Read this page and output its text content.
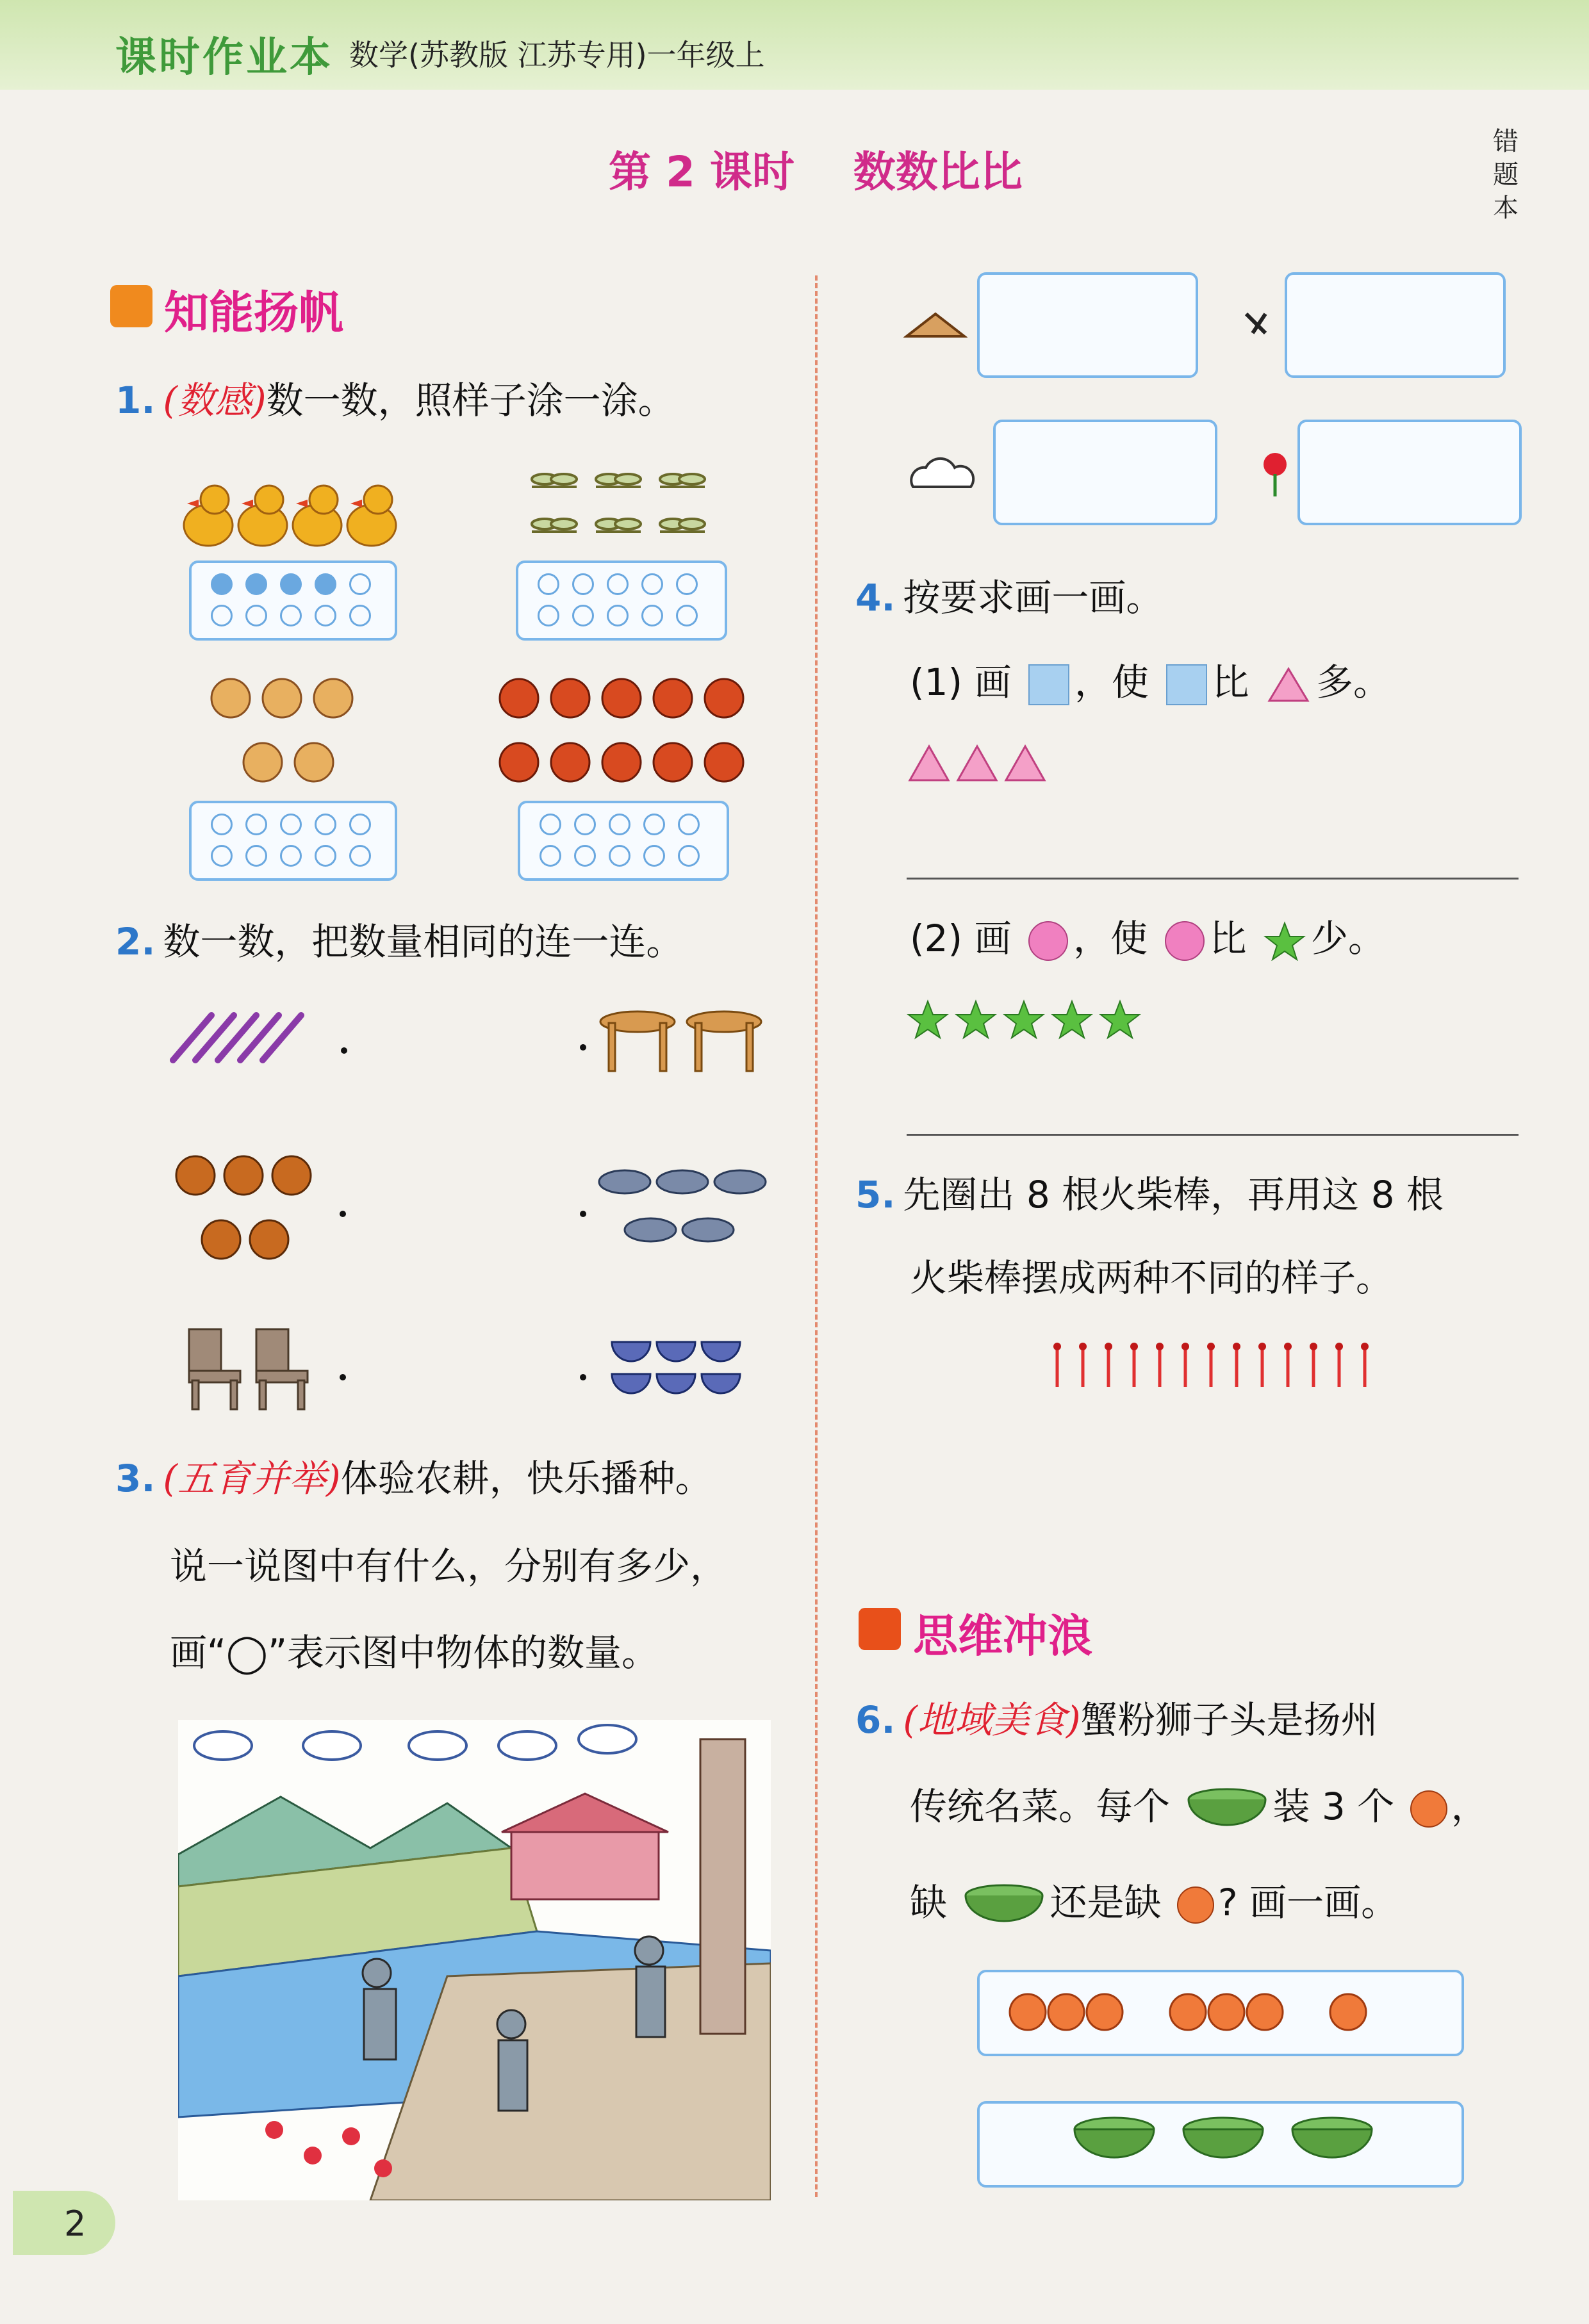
课时作业本 数学(苏教版 江苏专用)一年级上
第 2 课时    数数比比
错题本
知能扬帆
1. (数感)数一数，照样子涂一涂。
2. 数一数，把数量相同的连一连。
3. (五育并举)体验农耕，快乐播种。
说一说图中有什么，分别有多少，
画“◯”表示图中物体的数量。
4. 按要求画一画。
(1) 画 ，使 比 多。
(2) 画 ，使 比 少。
5. 先圈出 8 根火柴棒，再用这 8 根
火柴棒摆成两种不同的样子。
思维冲浪
6. (地域美食)蟹粉狮子头是扬州
传统名菜。每个	装 3 个 ，
缺	还是缺 ? 画一画。
2
